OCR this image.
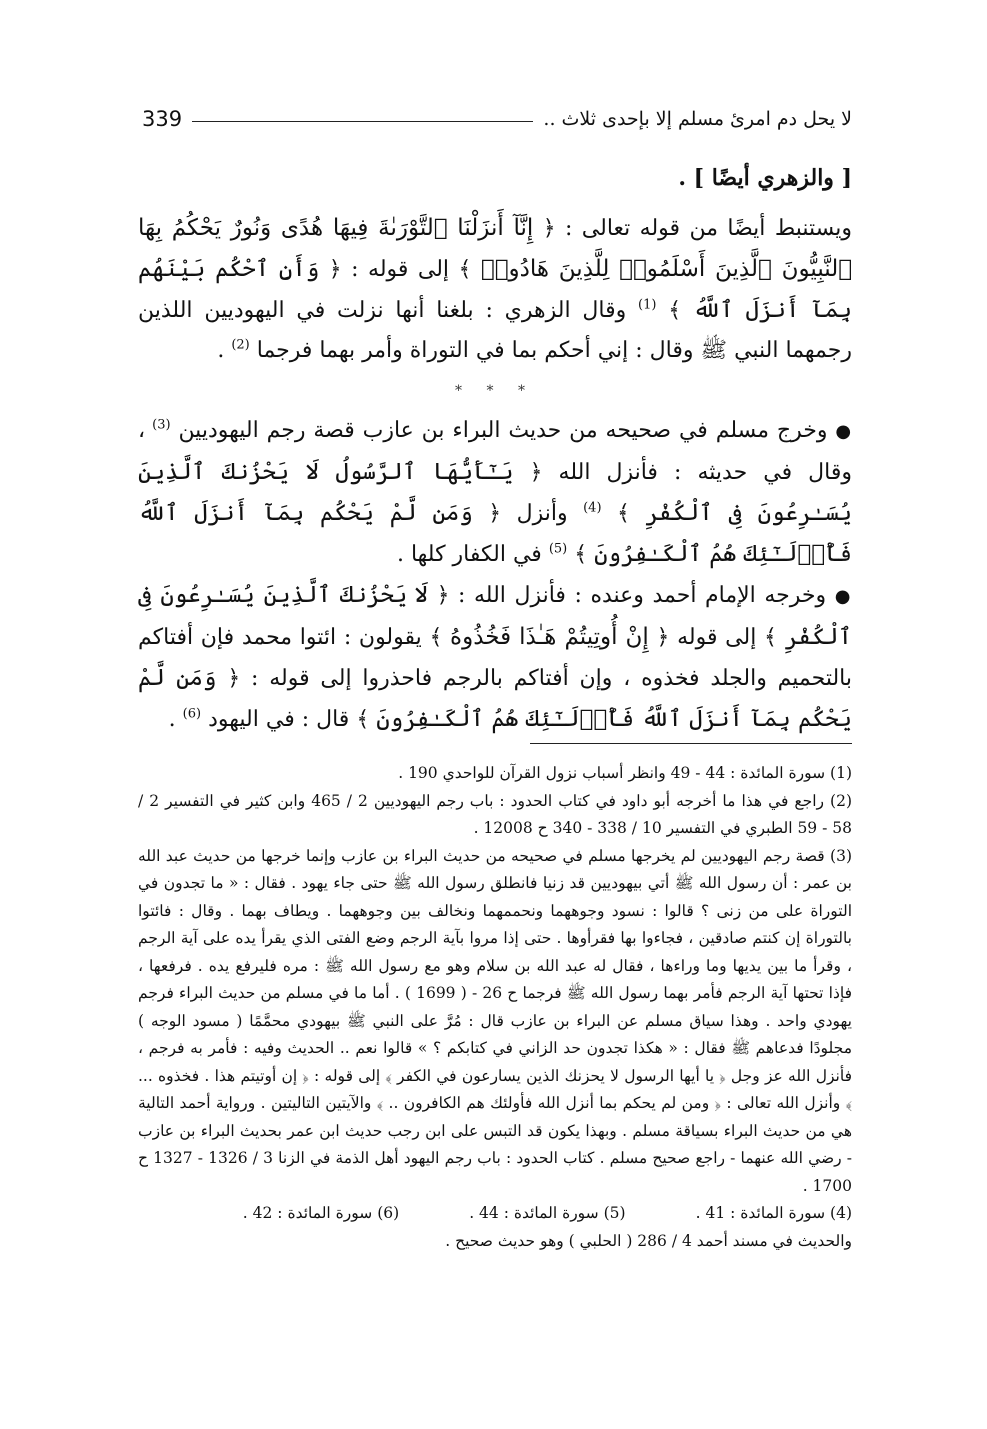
339	لا يحل دم امرئ مسلم إلا بإحدى ثلاث ..

[ والزهري أيضًا ] .

ويستنبط أيضًا من قوله تعالى : ﴿ إِنَّآ أَنزَلْنَا ٱلتَّوْرَىٰةَ فِيهَا هُدًى وَنُورٌ يَحْكُمُ بِهَا ٱلنَّبِيُّونَ ٱلَّذِينَ أَسْلَمُوا۟ لِلَّذِينَ هَادُوا۟ ﴾ إلى قوله : ﴿ وَأَنِ ٱحْكُم بَيْنَهُم بِمَآ أَنزَلَ ٱللَّهُ ﴾ $^{(1)}$ وقال الزهري : بلغنا أنها نزلت في اليهوديين اللذين رجمهما النبي ﷺ وقال : إني أحكم بما في التوراة وأمر بهما فرجما $^{(2)}$ .

* * *

● وخرج مسلم في صحيحه من حديث البراء بن عازب قصة رجم اليهوديين $^{(3)}$ ، وقال في حديثه : فأنزل الله ﴿ يَـٰٓأَيُّهَا ٱلرَّسُولُ لَا يَحْزُنكَ ٱلَّذِينَ يُسَـٰرِعُونَ فِى ٱلْكُفْرِ ﴾ $^{(4)}$ وأنزل ﴿ وَمَن لَّمْ يَحْكُم بِمَآ أَنزَلَ ٱللَّهُ فَأُو۟لَـٰٓئِكَ هُمُ ٱلْكَـٰفِرُونَ ﴾ $^{(5)}$ في الكفار كلها .

● وخرجه الإمام أحمد وعنده : فأنزل الله : ﴿ لَا يَحْزُنكَ ٱلَّذِينَ يُسَـٰرِعُونَ فِى ٱلْكُفْرِ ﴾ إلى قوله ﴿ إِنْ أُوتِيتُمْ هَـٰذَا فَخُذُوهُ ﴾ يقولون : ائتوا محمد فإن أفتاكم بالتحميم والجلد فخذوه ، وإن أفتاكم بالرجم فاحذروا إلى قوله : ﴿ وَمَن لَّمْ يَحْكُم بِمَآ أَنزَلَ ٱللَّهُ فَأُو۟لَـٰٓئِكَ هُمُ ٱلْكَـٰفِرُونَ ﴾ قال : في اليهود $^{(6)}$ .

(1) سورة المائدة : 44 - 49 وانظر أسباب نزول القرآن للواحدي 190 .

(2) راجع في هذا ما أخرجه أبو داود في كتاب الحدود : باب رجم اليهوديين 2 / 465 وابن كثير في التفسير 2 / 58 - 59 الطبري في التفسير 10 / 338 - 340 ح 12008 .

(3) قصة رجم اليهوديين لم يخرجها مسلم في صحيحه من حديث البراء بن عازب وإنما خرجها من حديث عبد الله بن عمر : أن رسول الله ﷺ أتي بيهوديين قد زنيا فانطلق رسول الله ﷺ حتى جاء يهود . فقال : « ما تجدون في التوراة على من زنى ؟ قالوا : نسود وجوههما ونحممهما ونخالف بين وجوههما . ويطاف بهما . وقال : فائتوا بالتوراة إن كنتم صادقين ، فجاءوا بها فقرأوها . حتى إذا مروا بآية الرجم وضع الفتى الذي يقرأ يده على آية الرجم ، وقرأ ما بين يديها وما وراءها ، فقال له عبد الله بن سلام وهو مع رسول الله ﷺ : مره فليرفع يده . فرفعها ، فإذا تحتها آية الرجم فأمر بهما رسول الله ﷺ فرجما ح 26 - ( 1699 ) . أما ما في مسلم من حديث البراء فرجم يهودي واحد . وهذا سياق مسلم عن البراء بن عازب قال : مُرَّ على النبي ﷺ بيهودي محمَّمًا ( مسود الوجه ) مجلودًا فدعاهم ﷺ فقال : « هكذا تجدون حد الزاني في كتابكم ؟ » قالوا نعم .. الحديث وفيه : فأمر به فرجم ، فأنزل الله عز وجل ﴿ يا أيها الرسول لا يحزنك الذين يسارعون في الكفر ﴾ إلى قوله : ﴿ إن أوتيتم هذا . فخذوه ... ﴾ وأنزل الله تعالى : ﴿ ومن لم يحكم بما أنزل الله فأولئك هم الكافرون .. ﴾ والآيتين التاليتين . ورواية أحمد التالية هي من حديث البراء بسياقة مسلم . وبهذا يكون قد التبس على ابن رجب حديث ابن عمر بحديث البراء بن عازب - رضي الله عنهما - راجع صحيح مسلم . كتاب الحدود : باب رجم اليهود أهل الذمة في الزنا 3 / 1326 - 1327 ح 1700 .

(4) سورة المائدة : 41 .
(5) سورة المائدة : 44 .
(6) سورة المائدة : 42 .

والحديث في مسند أحمد 4 / 286 ( الحلبي ) وهو حديث صحيح .
